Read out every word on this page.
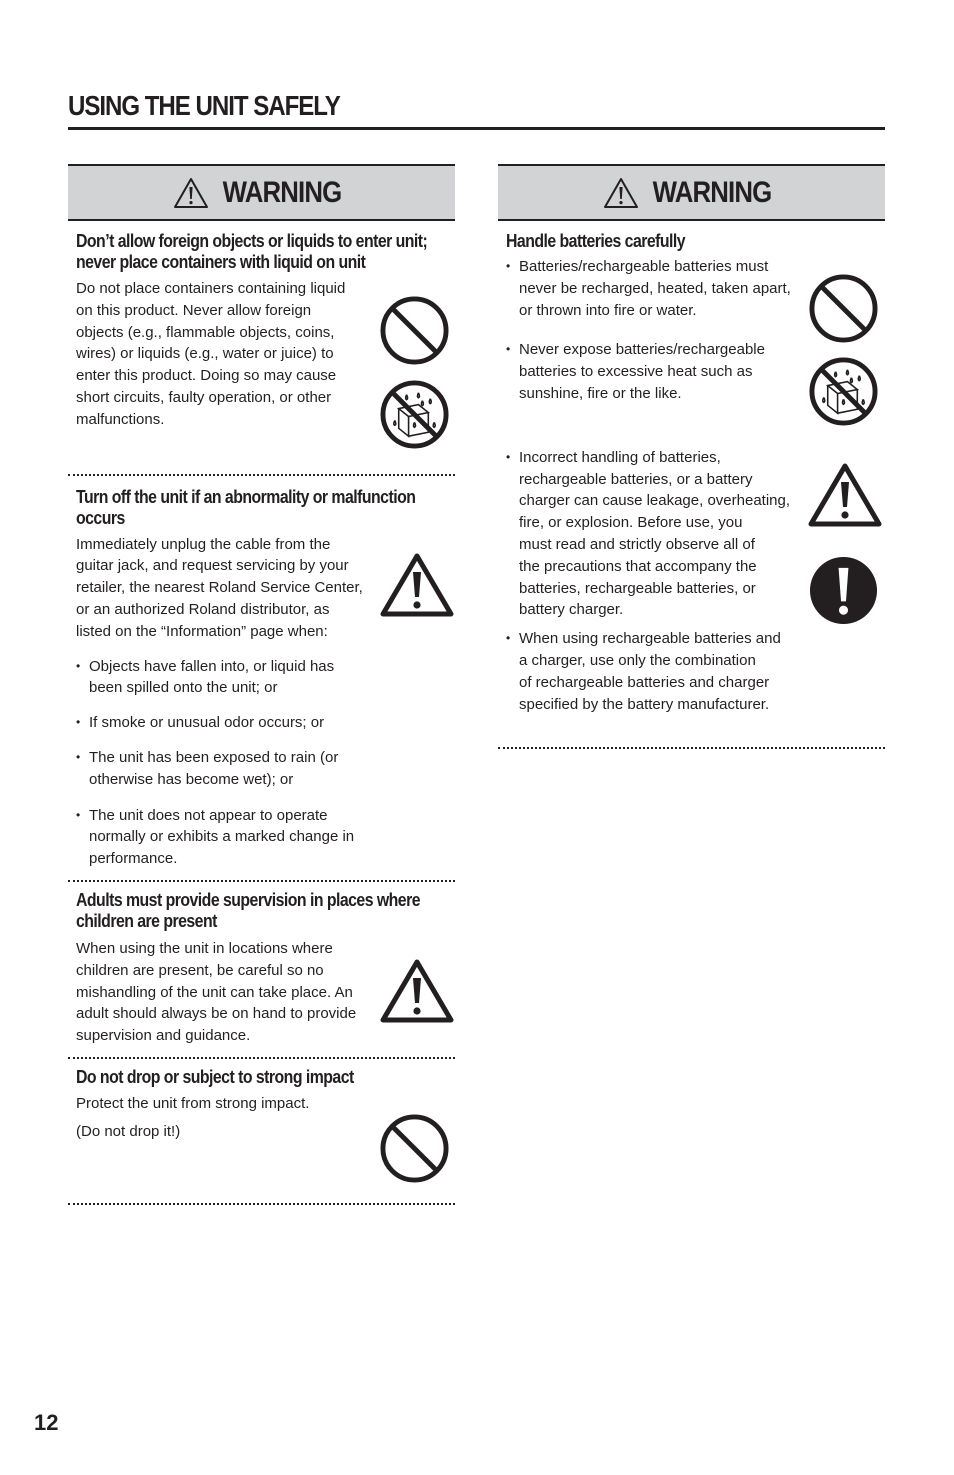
USING THE UNIT SAFELY
WARNING
Don’t allow foreign objects or liquids to enter unit;
never place containers with liquid on unit
Do not place containers containing liquid
on this product. Never allow foreign
objects (e.g., flammable objects, coins,
wires) or liquids (e.g., water or juice) to
enter this product. Doing so may cause
short circuits, faulty operation, or other
malfunctions.
Turn off the unit if an abnormality or malfunction
occurs
Immediately unplug the cable from the
guitar jack, and request servicing by your
retailer, the nearest Roland Service Center,
or an authorized Roland distributor, as
listed on the “Information” page when:
• Objects have fallen into, or liquid has
been spilled onto the unit; or
• If smoke or unusual odor occurs; or
• The unit has been exposed to rain (or
otherwise has become wet); or
• The unit does not appear to operate
normally or exhibits a marked change in
performance.
Adults must provide supervision in places where
children are present
When using the unit in locations where
children are present, be careful so no
mishandling of the unit can take place. An
adult should always be on hand to provide
supervision and guidance.
Do not drop or subject to strong impact
Protect the unit from strong impact.
(Do not drop it!)
WARNING
Handle batteries carefully
• Batteries/rechargeable batteries must
never be recharged, heated, taken apart,
or thrown into fire or water.
• Never expose batteries/rechargeable
batteries to excessive heat such as
sunshine, fire or the like.
• Incorrect handling of batteries,
rechargeable batteries, or a battery
charger can cause leakage, overheating,
fire, or explosion. Before use, you
must read and strictly observe all of
the precautions that accompany the
batteries, rechargeable batteries, or
battery charger.
• When using rechargeable batteries and
a charger, use only the combination
of rechargeable batteries and charger
specified by the battery manufacturer.
12
